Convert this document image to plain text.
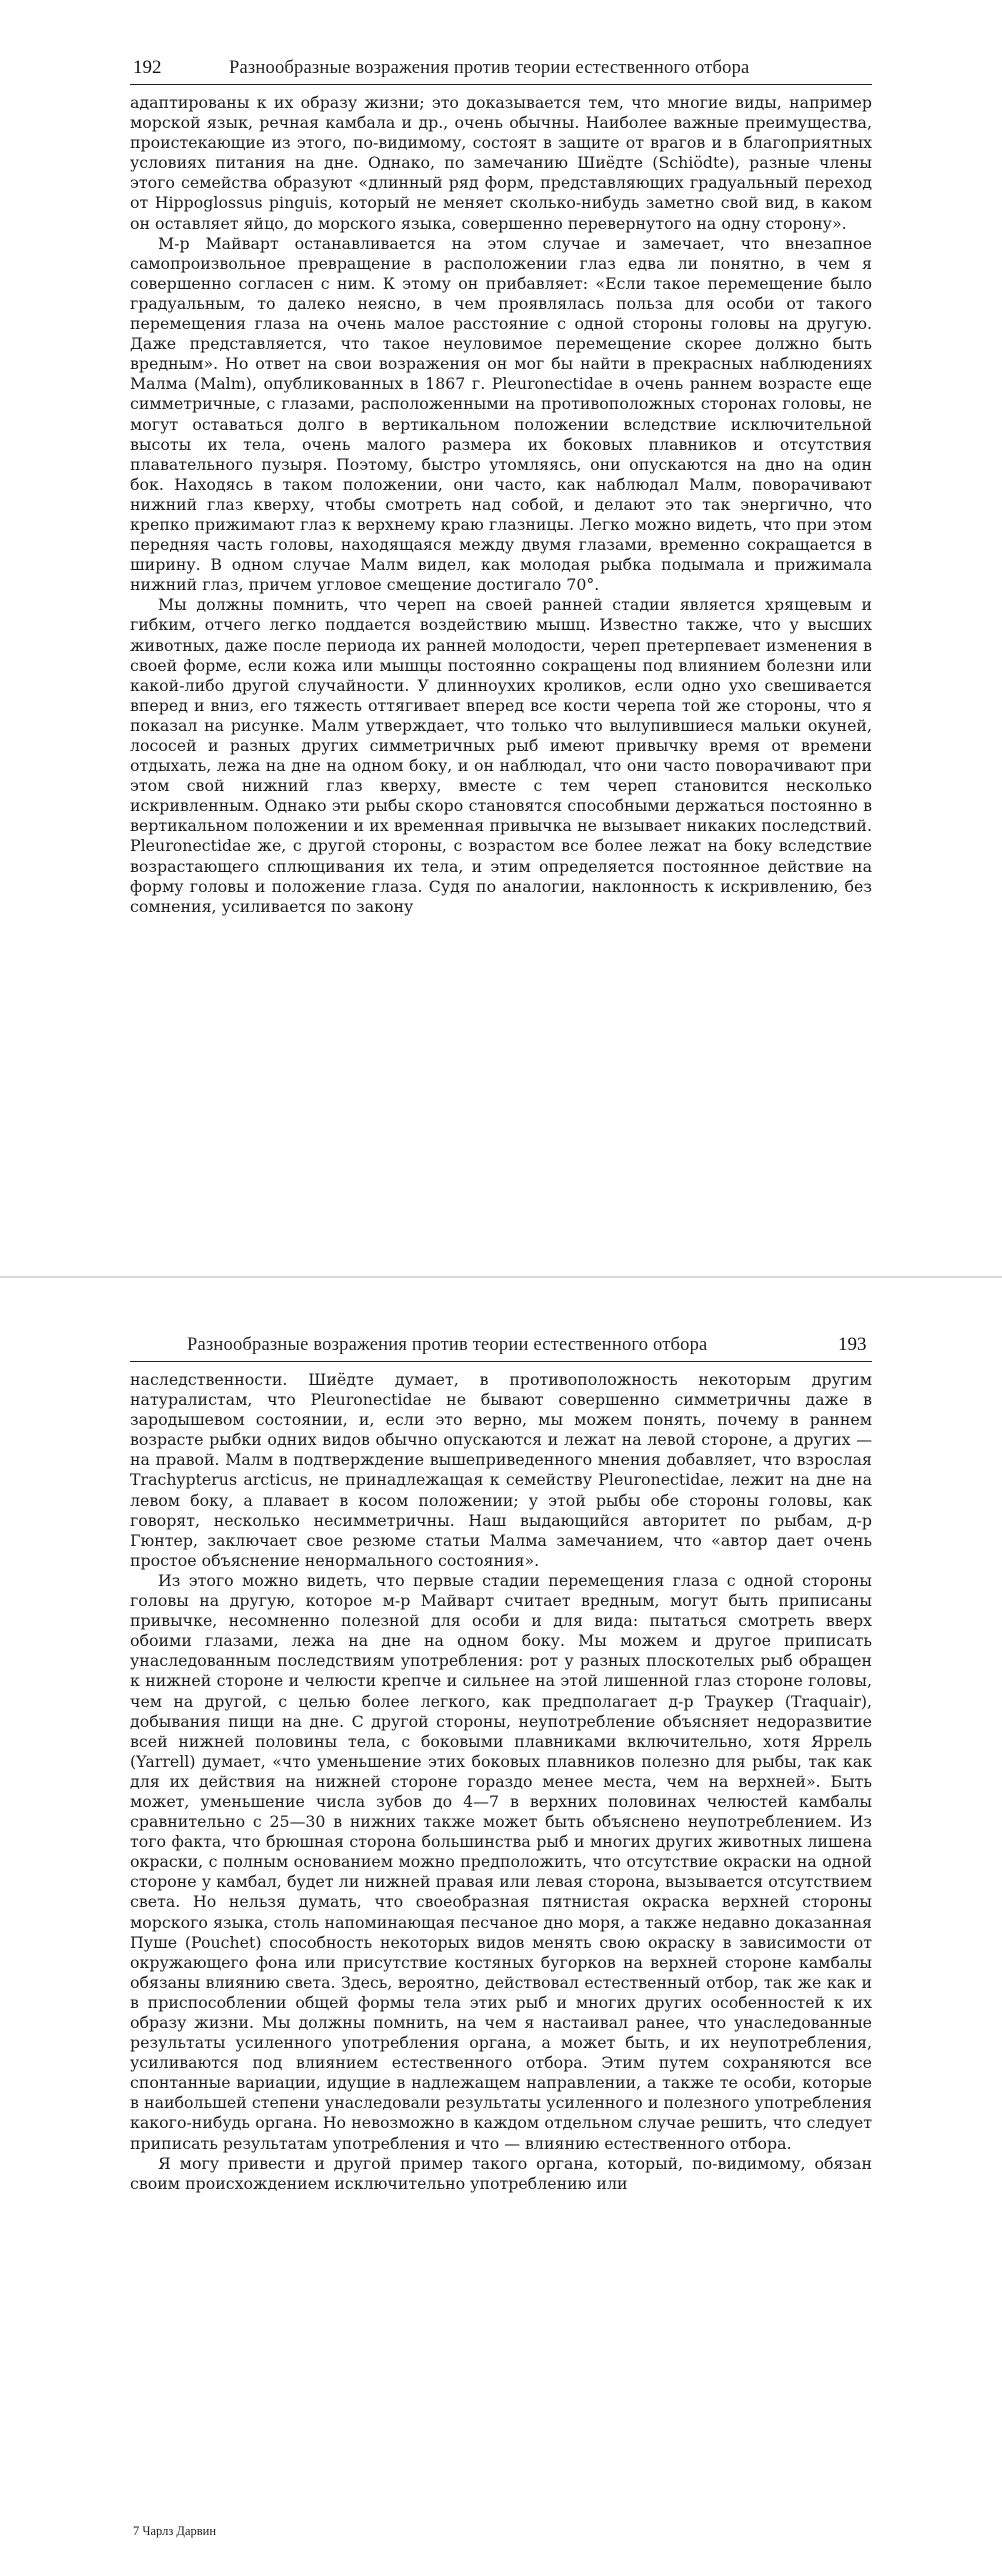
192	Разнообразные возражения против теории естественного отбора

адаптированы к их образу жизни; это доказывается тем, что многие виды, например морской язык, речная камбала и др., очень обычны. Наиболее важные преимущества, проистекающие из этого, по-видимому, состоят в защите от врагов и в благоприятных условиях питания на дне. Однако, по замечанию Шиёдте (Schiödte), разные члены этого семейства образуют «длинный ряд форм, представляющих градуальный переход от Hippoglossus pinguis, который не меняет сколько-нибудь заметно свой вид, в каком он оставляет яйцо, до морского языка, совершенно перевернутого на одну сторону».

М-р Майварт останавливается на этом случае и замечает, что внезапное самопроизвольное превращение в расположении глаз едва ли понятно, в чем я совершенно согласен с ним. К этому он прибавляет: «Если такое перемещение было градуальным, то далеко неясно, в чем проявлялась польза для особи от такого перемещения глаза на очень малое расстояние с одной стороны головы на другую. Даже представляется, что такое неуловимое перемещение скорее должно быть вредным». Но ответ на свои возражения он мог бы найти в прекрасных наблюдениях Малма (Malm), опубликованных в 1867 г. Pleuronectidae в очень раннем возрасте еще симметричные, с глазами, расположенными на противоположных сторонах головы, не могут оставаться долго в вертикальном положении вследствие исключительной высоты их тела, очень малого размера их боковых плавников и отсутствия плавательного пузыря. Поэтому, быстро утомляясь, они опускаются на дно на один бок. Находясь в таком положении, они часто, как наблюдал Малм, поворачивают нижний глаз кверху, чтобы смотреть над собой, и делают это так энергично, что крепко прижимают глаз к верхнему краю глазницы. Легко можно видеть, что при этом передняя часть головы, находящаяся между двумя глазами, временно сокращается в ширину. В одном случае Малм видел, как молодая рыбка подымала и прижимала нижний глаз, причем угловое смещение достигало 70°.

Мы должны помнить, что череп на своей ранней стадии является хрящевым и гибким, отчего легко поддается воздействию мышц. Известно также, что у высших животных, даже после периода их ранней молодости, череп претерпевает изменения в своей форме, если кожа или мышцы постоянно сокращены под влиянием болезни или какой-либо другой случайности. У длинноухих кроликов, если одно ухо свешивается вперед и вниз, его тяжесть оттягивает вперед все кости черепа той же стороны, что я показал на рисунке. Малм утверждает, что только что вылупившиеся мальки окуней, лососей и разных других симметричных рыб имеют привычку время от времени отдыхать, лежа на дне на одном боку, и он наблюдал, что они часто поворачивают при этом свой нижний глаз кверху, вместе с тем череп становится несколько искривленным. Однако эти рыбы скоро становятся способными держаться постоянно в вертикальном положении и их временная привычка не вызывает никаких последствий. Pleuronectidae же, с другой стороны, с возрастом все более лежат на боку вследствие возрастающего сплющивания их тела, и этим определяется постоянное действие на форму головы и положение глаза. Судя по аналогии, наклонность к искривлению, без сомнения, усиливается по закону

Разнообразные возражения против теории естественного отбора	193

наследственности. Шиёдте думает, в противоположность некоторым другим натуралистам, что Pleuronectidae не бывают совершенно симметричны даже в зародышевом состоянии, и, если это верно, мы можем понять, почему в раннем возрасте рыбки одних видов обычно опускаются и лежат на левой стороне, а других — на правой. Малм в подтверждение вышеприведенного мнения добавляет, что взрослая Trachypterus arcticus, не принадлежащая к семейству Pleuronectidae, лежит на дне на левом боку, а плавает в косом положении; у этой рыбы обе стороны головы, как говорят, несколько несимметричны. Наш выдающийся авторитет по рыбам, д-р Гюнтер, заключает свое резюме статьи Малма замечанием, что «автор дает очень простое объяснение ненормального состояния».

Из этого можно видеть, что первые стадии перемещения глаза с одной стороны головы на другую, которое м-р Майварт считает вредным, могут быть приписаны привычке, несомненно полезной для особи и для вида: пытаться смотреть вверх обоими глазами, лежа на дне на одном боку. Мы можем и другое приписать унаследованным последствиям употребления: рот у разных плоскотелых рыб обращен к нижней стороне и челюсти крепче и сильнее на этой лишенной глаз стороне головы, чем на другой, с целью более легкого, как предполагает д-р Траукер (Traquair), добывания пищи на дне. С другой стороны, неупотребление объясняет недоразвитие всей нижней половины тела, с боковыми плавниками включительно, хотя Яррель (Yarrell) думает, «что уменьшение этих боковых плавников полезно для рыбы, так как для их действия на нижней стороне гораздо менее места, чем на верхней». Быть может, уменьшение числа зубов до 4—7 в верхних половинах челюстей камбалы сравнительно с 25—30 в нижних также может быть объяснено неупотреблением. Из того факта, что брюшная сторона большинства рыб и многих других животных лишена окраски, с полным основанием можно предположить, что отсутствие окраски на одной стороне у камбал, будет ли нижней правая или левая сторона, вызывается отсутствием света. Но нельзя думать, что своеобразная пятнистая окраска верхней стороны морского языка, столь напоминающая песчаное дно моря, а также недавно доказанная Пуше (Pouchet) способность некоторых видов менять свою окраску в зависимости от окружающего фона или присутствие костяных бугорков на верхней стороне камбалы обязаны влиянию света. Здесь, вероятно, действовал естественный отбор, так же как и в приспособлении общей формы тела этих рыб и многих других особенностей к их образу жизни. Мы должны помнить, на чем я настаивал ранее, что унаследованные результаты усиленного употребления органа, а может быть, и их неупотребления, усиливаются под влиянием естественного отбора. Этим путем сохраняются все спонтанные вариации, идущие в надлежащем направлении, а также те особи, которые в наибольшей степени унаследовали результаты усиленного и полезного употребления какого-нибудь органа. Но невозможно в каждом отдельном случае решить, что следует приписать результатам употребления и что — влиянию естественного отбора.

Я могу привести и другой пример такого органа, который, по-видимому, обязан своим происхождением исключительно употреблению или

7 Чарлз Дарвин
